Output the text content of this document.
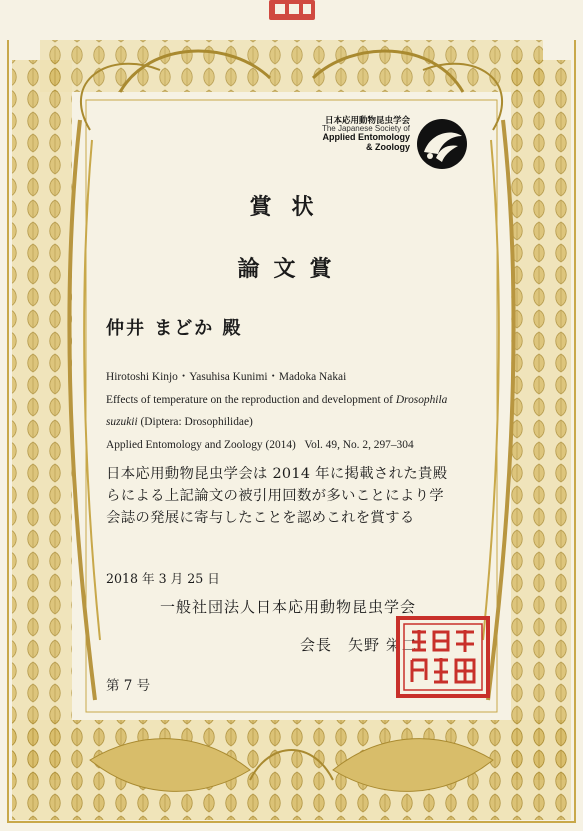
日本応用動物昆虫学会
The Japanese Society of
Applied Entomology
& Zoology
賞状
論文賞
仲井 まどか 殿
Hirotoshi Kinjo・Yasuhisa Kunimi・Madoka Nakai
Effects of temperature on the reproduction and development of Drosophila
suzukii (Diptera: Drosophilidae)
Applied Entomology and Zoology (2014)   Vol. 49, No. 2, 297–304
日本応用動物昆虫学会は 2014 年に掲載された貴殿
らによる上記論文の被引用回数が多いことにより学
会誌の発展に寄与したことを認めこれを賞する
2018 年 3 月 25 日
一般社団法人日本応用動物昆虫学会
会長　矢野 栄二
第 7 号
